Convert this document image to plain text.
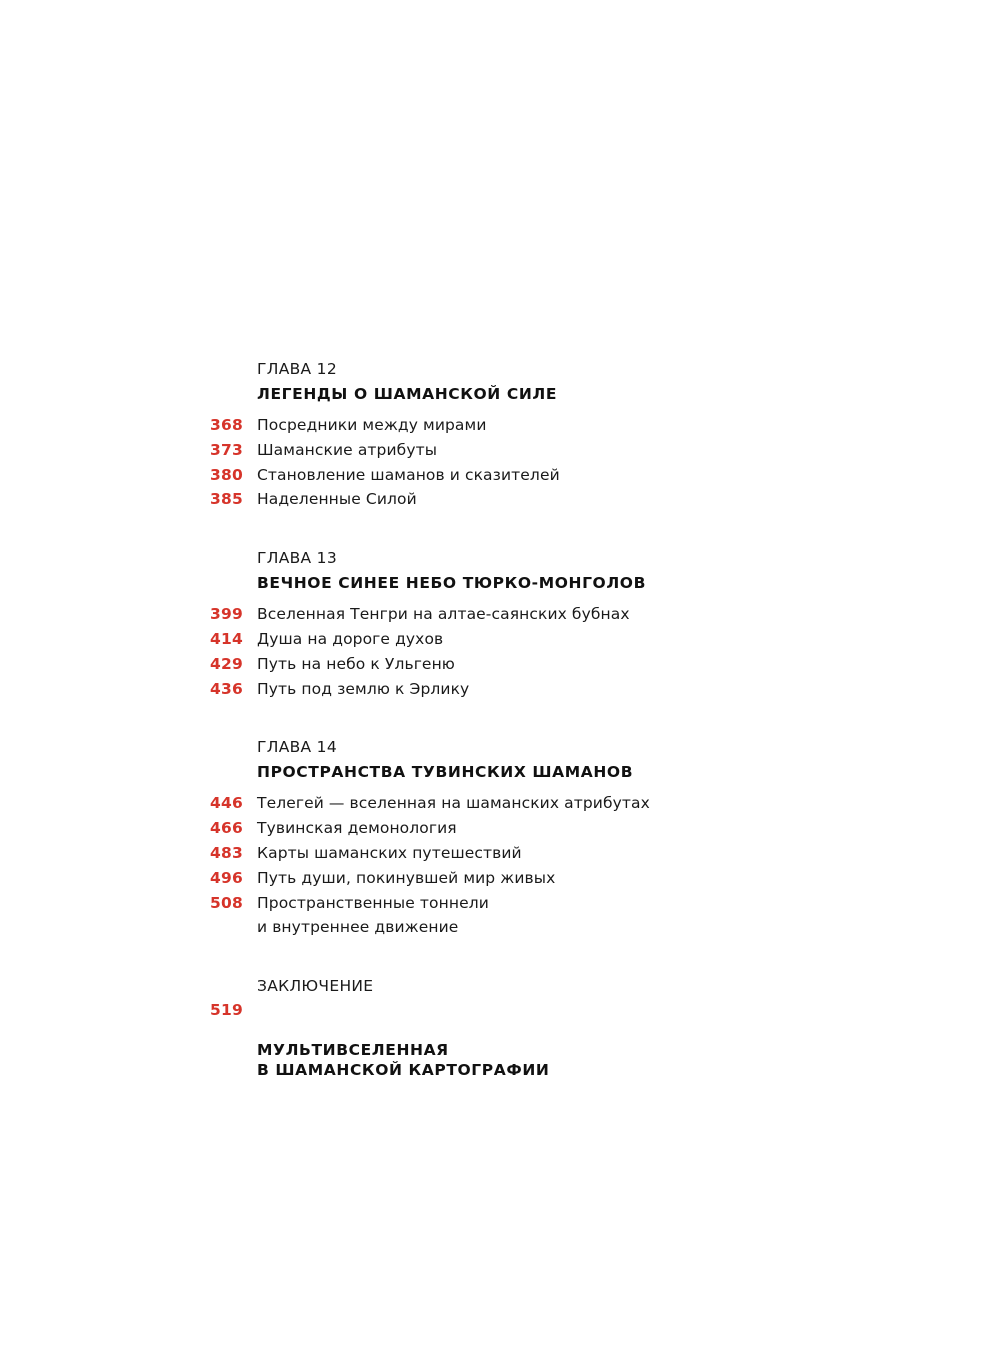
ГЛАВА 12
ЛЕГЕНДЫ О ШАМАНСКОЙ СИЛЕ
368 Посредники между мирами
373 Шаманские атрибуты
380 Становление шаманов и сказителей
385 Наделенные Силой
ГЛАВА 13
ВЕЧНОЕ СИНЕЕ НЕБО ТЮРКО-МОНГОЛОВ
399 Вселенная Тенгри на алтае-саянских бубнах
414 Душа на дороге духов
429 Путь на небо к Ульгеню
436 Путь под землю к Эрлику
ГЛАВА 14
ПРОСТРАНСТВА ТУВИНСКИХ ШАМАНОВ
446 Телегей — вселенная на шаманских атрибутах
466 Тувинская демонология
483 Карты шаманских путешествий
496 Путь души, покинувшей мир живых
508 Пространственные тоннели
и внутреннее движение
ЗАКЛЮЧЕНИЕ

519

МУЛЬТИВСЕЛЕННАЯ
В ШАМАНСКОЙ КАРТОГРАФИИ
